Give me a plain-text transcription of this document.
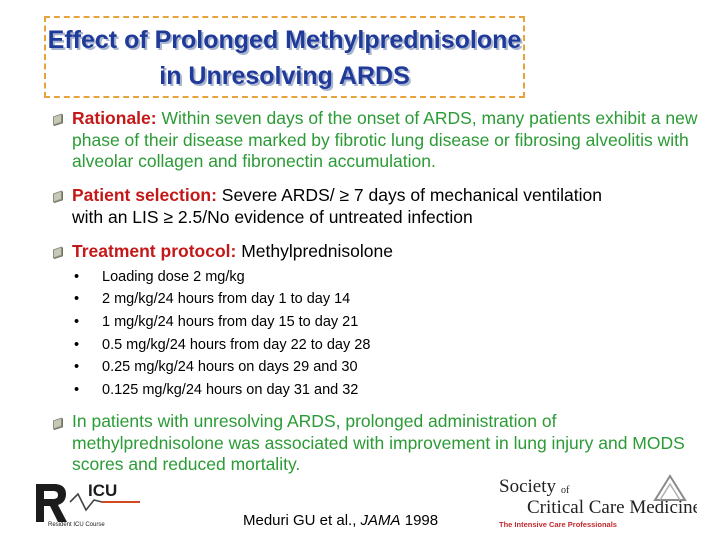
Effect of Prolonged Methylprednisolone
in Unresolving ARDS
Rationale: Within seven days of the onset of ARDS, many patients exhibit a new phase of their disease marked by fibrotic lung disease or fibrosing alveolitis with alveolar collagen and fibronectin accumulation.
Patient selection: Severe ARDS/ ≥ 7 days of mechanical ventilation
with an LIS ≥ 2.5/No evidence of untreated infection
Treatment protocol: Methylprednisolone
• Loading dose 2 mg/kg
• 2 mg/kg/24 hours from day 1 to day 14
• 1 mg/kg/24 hours from day 15 to day 21
• 0.5 mg/kg/24 hours from day 22 to day 28
• 0.25 mg/kg/24 hours on days 29 and 30
• 0.125 mg/kg/24 hours on day 31 and 32
In patients with unresolving ARDS, prolonged administration of methylprednisolone was associated with improvement in lung injury and MODS scores and reduced mortality.
ICU
Resident ICU Course	Meduri GU et al., JAMA 1998
Society of
Critical Care Medicine
The Intensive Care Professionals
